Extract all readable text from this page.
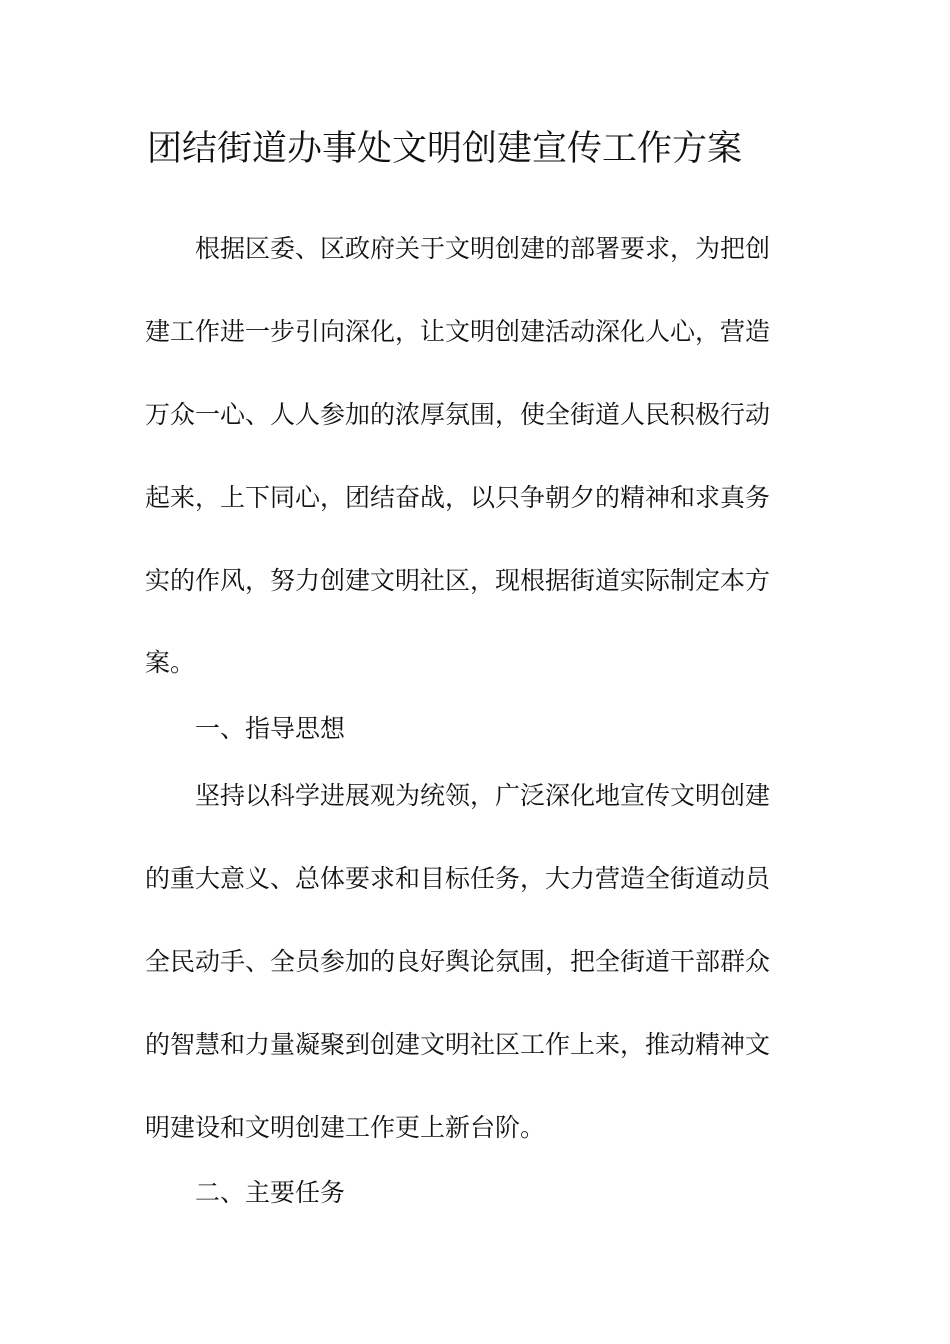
团结街道办事处文明创建宣传工作方案
　　根据区委、区政府关于文明创建的部署要求，为把创
建工作进一步引向深化，让文明创建活动深化人心，营造
万众一心、人人参加的浓厚氛围，使全街道人民积极行动
起来，上下同心，团结奋战，以只争朝夕的精神和求真务
实的作风，努力创建文明社区，现根据街道实际制定本方
案。
　　一、指导思想
　　坚持以科学进展观为统领，广泛深化地宣传文明创建
的重大意义、总体要求和目标任务，大力营造全街道动员
全民动手、全员参加的良好舆论氛围，把全街道干部群众
的智慧和力量凝聚到创建文明社区工作上来，推动精神文
明建设和文明创建工作更上新台阶。
　　二、主要任务
